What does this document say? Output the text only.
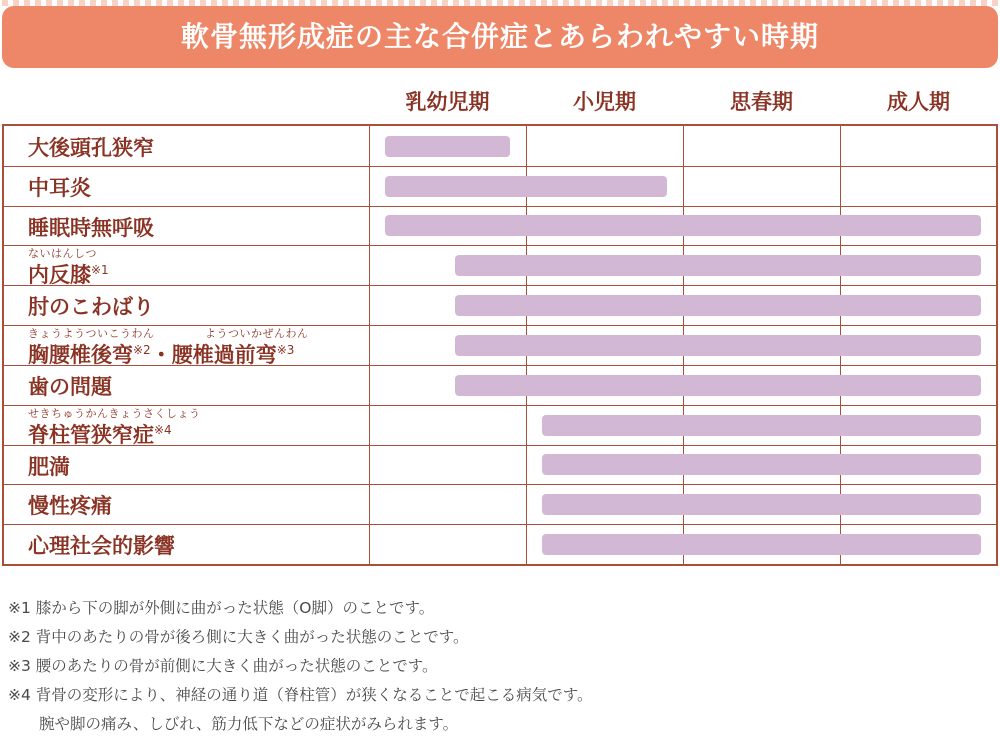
軟骨無形成症の主な合併症とあらわれやすい時期
乳幼児期	小児期	思春期	成人期
大後頭孔狭窄
中耳炎
睡眠時無呼吸
ないはんしつ
内反膝$^{※1}$
肘のこわばり
きょうようついこうわん	ようついかぜんわん
胸腰椎後弯$^{※2}$・腰椎過前弯$^{※3}$
歯の問題
せきちゅうかんきょうさくしょう
脊柱管狭窄症$^{※4}$
肥満
慢性疼痛
心理社会的影響
※1 膝から下の脚が外側に曲がった状態（O脚）のことです。
※2 背中のあたりの骨が後ろ側に大きく曲がった状態のことです。
※3 腰のあたりの骨が前側に大きく曲がった状態のことです。
※4 背骨の変形により、神経の通り道（脊柱管）が狭くなることで起こる病気です。
　　腕や脚の痛み、しびれ、筋力低下などの症状がみられます。
